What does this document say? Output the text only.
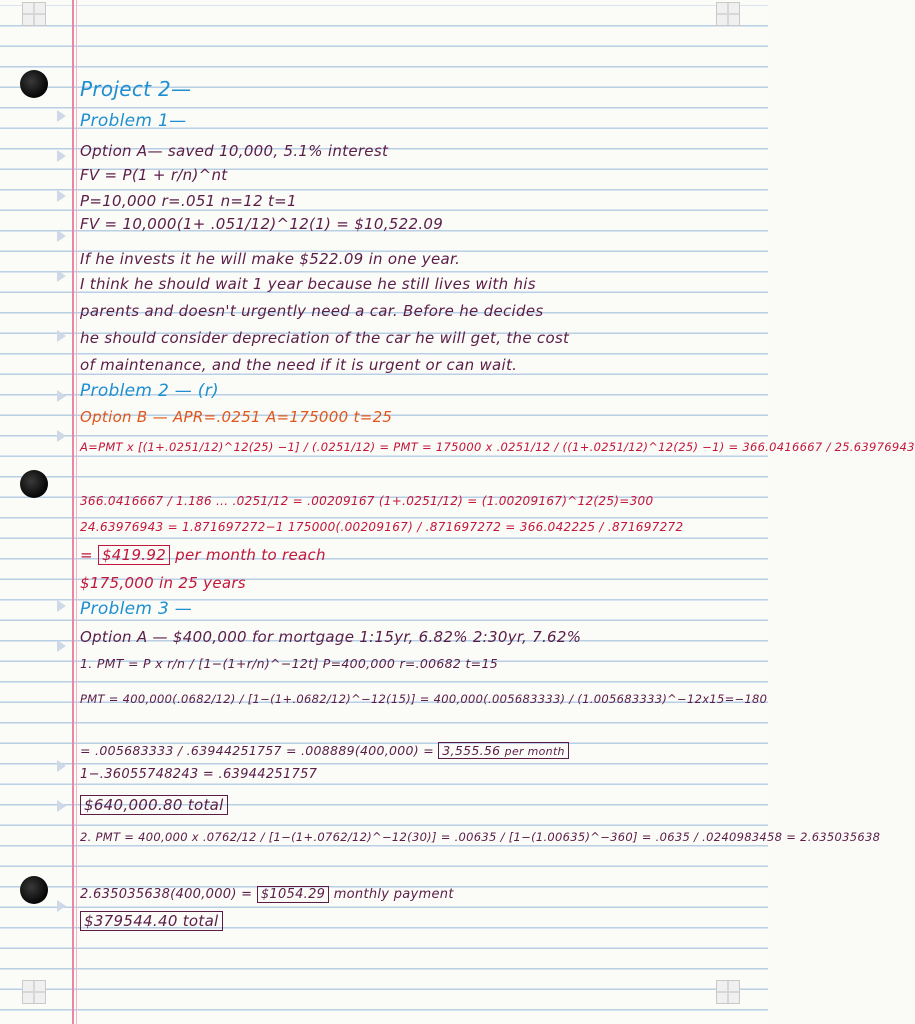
Project 2—
Problem 1—
Option A— saved 10,000, 5.1% interest
FV = P(1 + r/n)^nt
P=10,000 r=.051 n=12 t=1
FV = 10,000(1+ .051/12)^12(1) = $10,522.09
If he invests it he will make $522.09 in one year.
I think he should wait 1 year because he still lives with his
parents and doesn't urgently need a car. Before he decides
he should consider depreciation of the car he will get, the cost
of maintenance, and the need if it is urgent or can wait.
Problem 2 — (r)
Option B — APR=.0251 A=175000 t=25
A=PMT x [(1+.0251/12)^12(25) −1] / (.0251/12) = PMT = 175000 x .0251/12 / ((1+.0251/12)^12(25) −1) = 366.0416667 / 25.63976943
366.0416667 / 1.186 ... .0251/12 = .00209167 (1+.0251/12) = (1.00209167)^12(25)=300
24.63976943 = 1.871697272−1 175000(.00209167) / .871697272 = 366.042225 / .871697272
= $419.92 per month to reach
$175,000 in 25 years
Problem 3 —
Option A — $400,000 for mortgage 1:15yr, 6.82% 2:30yr, 7.62%
1. PMT = P x r/n / [1−(1+r/n)^−12t] P=400,000 r=.00682 t=15
PMT = 400,000(.0682/12) / [1−(1+.0682/12)^−12(15)] = 400,000(.005683333) / (1.005683333)^−12x15=−180
= .005683333 / .63944251757 = .008889(400,000) = 3,555.56 per month
1−.36055748243 = .63944251757
$640,000.80 total
2. PMT = 400,000 x .0762/12 / [1−(1+.0762/12)^−12(30)] = .00635 / [1−(1.00635)^−360] = .0635 / .0240983458 = 2.635035638
2.635035638(400,000) = $1054.29 monthly payment
$379544.40 total
